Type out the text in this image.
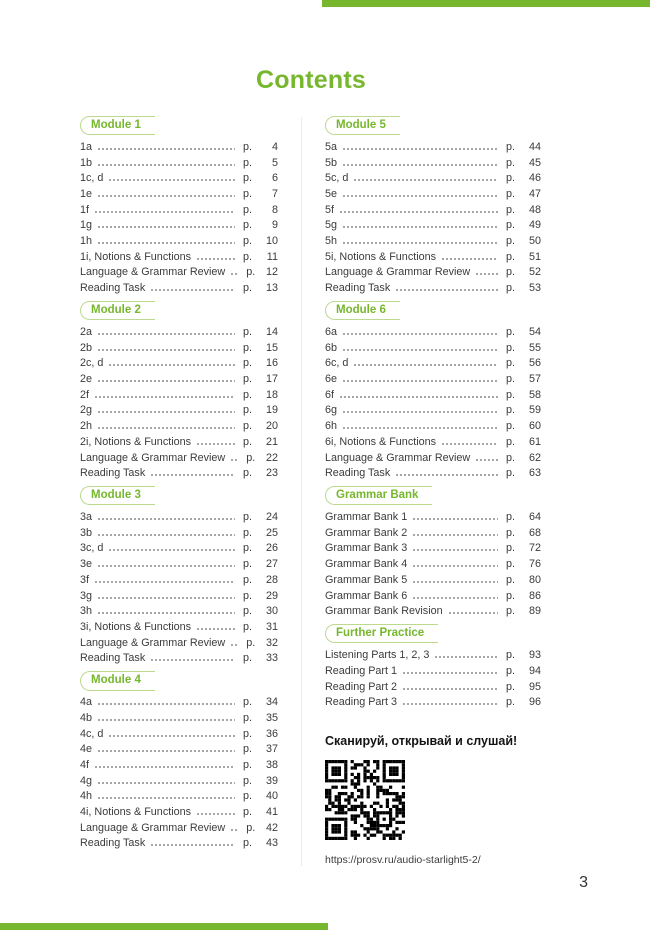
Contents
Module 1
1a	p.	4
1b	p.	5
1c, d	p.	6
1e	p.	7
1f	p.	8
1g	p.	9
1h	p.	10
1i, Notions & Functions	p.	11
Language & Grammar Review p. 12
Reading Task	p.	13
Module 2
2a	p.	14
2b	p.	15
2c, d	p.	16
2e	p.	17
2f	p.	18
2g	p.	19
2h	p.	20
2i, Notions & Functions	p.	21
Language & Grammar Review p. 22
Reading Task	p.	23
Module 3
3a	p.	24
3b	p.	25
3c, d	p.	26
3e	p.	27
3f	p.	28
3g	p.	29
3h	p.	30
3i, Notions & Functions	p.	31
Language & Grammar Review p. 32
Reading Task	p.	33
Module 4
4a	p.	34
4b	p.	35
4c, d	p.	36
4e	p.	37
4f	p.	38
4g	p.	39
4h	p.	40
4i, Notions & Functions	p.	41
Language & Grammar Review p. 42
Reading Task	p.	43
Module 5
5a	p.	44
5b	p.	45
5c, d	p.	46
5e	p.	47
5f	p.	48
5g	p.	49
5h	p.	50
5i, Notions & Functions	p.	51
Language & Grammar Review	p.	52
Reading Task	p.	53
Module 6
6a	p.	54
6b	p.	55
6c, d	p.	56
6e	p.	57
6f	p.	58
6g	p.	59
6h	p.	60
6i, Notions & Functions	p.	61
Language & Grammar Review	p.	62
Reading Task	p.	63
Grammar Bank
Grammar Bank 1	p.	64
Grammar Bank 2	p.	68
Grammar Bank 3	p.	72
Grammar Bank 4	p.	76
Grammar Bank 5	p.	80
Grammar Bank 6	p.	86
Grammar Bank Revision	p.	89
Further Practice
Listening Parts 1, 2, 3	p.	93
Reading Part 1	p.	94
Reading Part 2	p.	95
Reading Part 3	p.	96
Сканируй, открывай и слушай!
https://prosv.ru/audio-starlight5-2/
3
